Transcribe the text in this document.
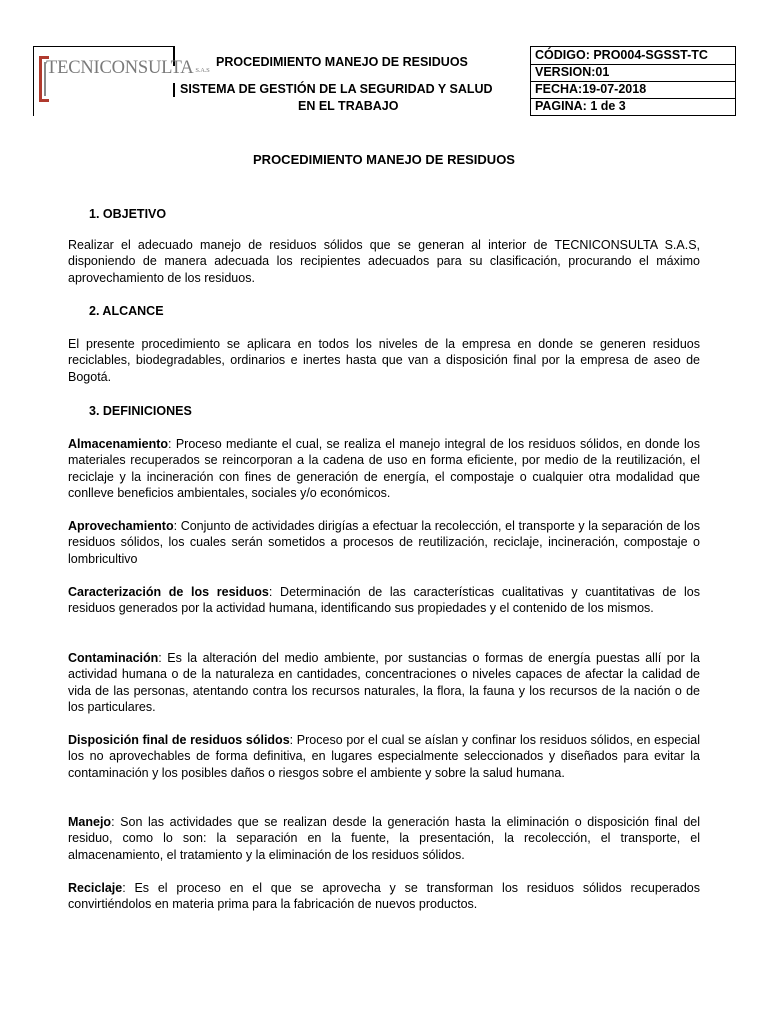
TECNICONSULTA S.A.S
PROCEDIMIENTO MANEJO DE RESIDUOS
SISTEMA DE GESTIÓN DE LA SEGURIDAD Y SALUD
EN EL TRABAJO
CÓDIGO: PRO004-SGSST-TC
VERSION:01
FECHA:19-07-2018
PAGINA: 1 de 3
PROCEDIMIENTO MANEJO DE RESIDUOS
1. OBJETIVO
Realizar el adecuado manejo de residuos sólidos que se generan al interior de TECNICONSULTA S.A.S, disponiendo de manera adecuada los recipientes adecuados para su clasificación, procurando el máximo aprovechamiento de los residuos.
2. ALCANCE
El presente procedimiento se aplicara en todos los niveles de la empresa en donde se generen residuos reciclables, biodegradables, ordinarios e inertes hasta que van a disposición final por la empresa de aseo de Bogotá.
3. DEFINICIONES
Almacenamiento: Proceso mediante el cual, se realiza el manejo integral de los residuos sólidos, en donde los materiales recuperados se reincorporan a la cadena de uso en forma eficiente, por medio de la reutilización, el reciclaje y la incineración con fines de generación de energía, el compostaje o cualquier otra modalidad que conlleve beneficios ambientales, sociales y/o económicos.
Aprovechamiento: Conjunto de actividades dirigías a efectuar la recolección, el transporte y la separación de los residuos sólidos, los cuales serán sometidos a procesos de reutilización, reciclaje, incineración, compostaje o lombricultivo
Caracterización de los residuos: Determinación de las características cualitativas y cuantitativas de los residuos generados por la actividad humana, identificando sus propiedades y el contenido de los mismos.
Contaminación: Es la alteración del medio ambiente, por sustancias o formas de energía puestas allí por la actividad humana o de la naturaleza en cantidades, concentraciones o niveles capaces de afectar la calidad de vida de las personas, atentando contra los recursos naturales, la flora, la fauna y los recursos de la nación o de los particulares.
Disposición final de residuos sólidos: Proceso por el cual se aíslan y confinar los residuos sólidos, en especial los no aprovechables de forma definitiva, en lugares especialmente seleccionados y diseñados para evitar la contaminación y los posibles daños o riesgos sobre el ambiente y sobre la salud humana.
Manejo: Son las actividades que se realizan desde la generación hasta la eliminación o disposición final del residuo, como lo son: la separación en la fuente, la presentación, la recolección, el transporte, el almacenamiento, el tratamiento y la eliminación de los residuos sólidos.
Reciclaje: Es el proceso en el que se aprovecha y se transforman los residuos sólidos recuperados convirtiéndolos en materia prima para la fabricación de nuevos productos.
